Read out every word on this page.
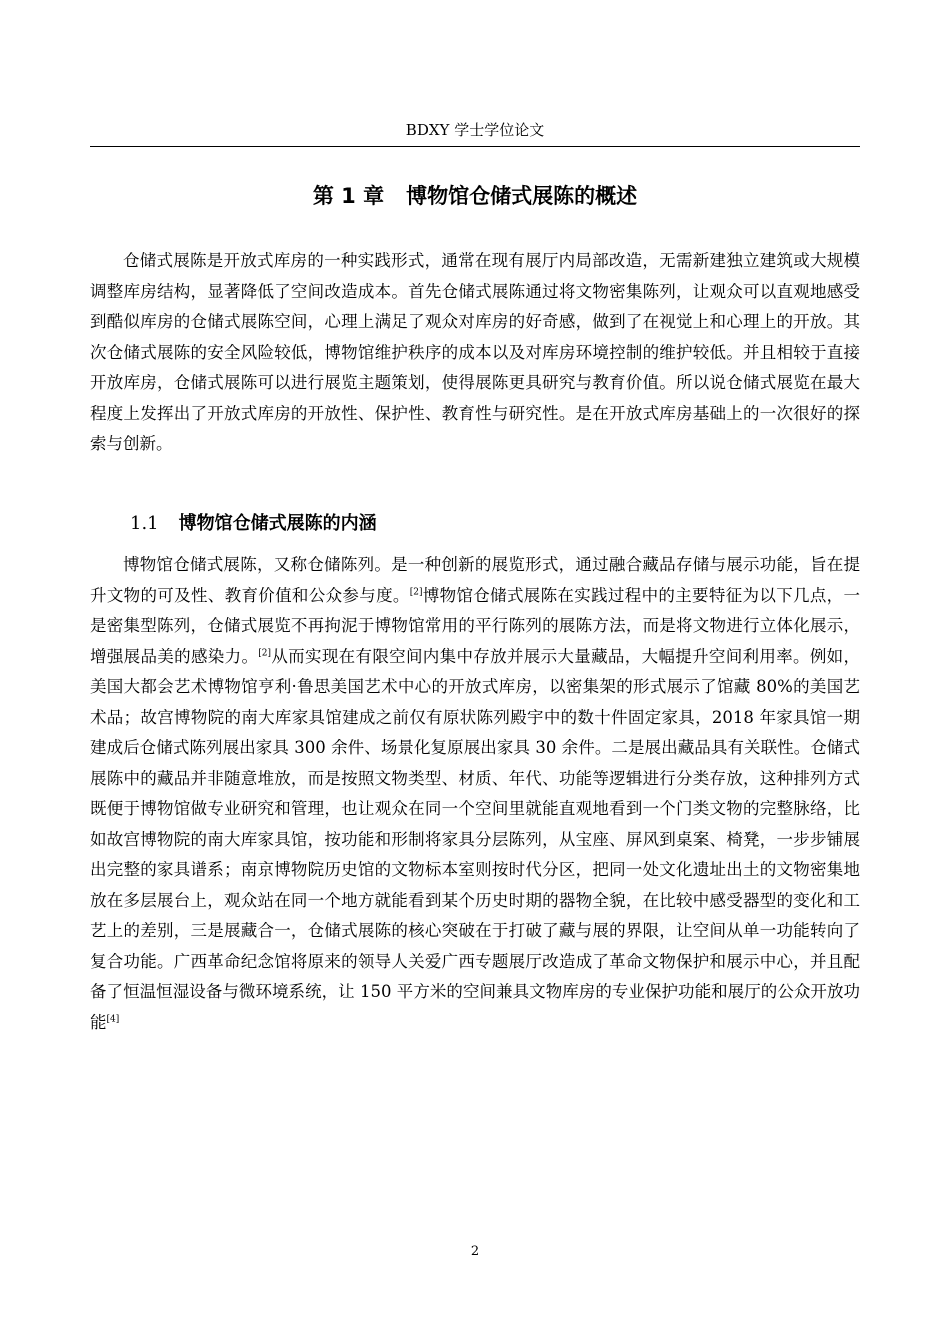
BDXY 学士学位论文
第 1 章 博物馆仓储式展陈的概述

仓储式展陈是开放式库房的一种实践形式，通常在现有展厅内局部改造，无需新建独立建筑或大规模调整库房结构，显著降低了空间改造成本。首先仓储式展陈通过将文物密集陈列，让观众可以直观地感受到酷似库房的仓储式展陈空间，心理上满足了观众对库房的好奇感，做到了在视觉上和心理上的开放。其次仓储式展陈的安全风险较低，博物馆维护秩序的成本以及对库房环境控制的维护较低。并且相较于直接开放库房，仓储式展陈可以进行展览主题策划，使得展陈更具研究与教育价值。所以说仓储式展览在最大程度上发挥出了开放式库房的开放性、保护性、教育性与研究性。是在开放式库房基础上的一次很好的探索与创新。

1.1 博物馆仓储式展陈的内涵

博物馆仓储式展陈，又称仓储陈列。是一种创新的展览形式，通过融合藏品存储与展示功能，旨在提升文物的可及性、教育价值和公众参与度。[2]博物馆仓储式展陈在实践过程中的主要特征为以下几点，一是密集型陈列，仓储式展览不再拘泥于博物馆常用的平行陈列的展陈方法，而是将文物进行立体化展示，增强展品美的感染力。[2]从而实现在有限空间内集中存放并展示大量藏品，大幅提升空间利用率。例如，美国大都会艺术博物馆亨利·鲁思美国艺术中心的开放式库房，以密集架的形式展示了馆藏 80%的美国艺术品；故宫博物院的南大库家具馆建成之前仅有原状陈列殿宇中的数十件固定家具，2018 年家具馆一期建成后仓储式陈列展出家具 300 余件、场景化复原展出家具 30 余件。二是展出藏品具有关联性。仓储式展陈中的藏品并非随意堆放，而是按照文物类型、材质、年代、功能等逻辑进行分类存放，这种排列方式既便于博物馆做专业研究和管理，也让观众在同一个空间里就能直观地看到一个门类文物的完整脉络，比如故宫博物院的南大库家具馆，按功能和形制将家具分层陈列，从宝座、屏风到桌案、椅凳，一步步铺展出完整的家具谱系；南京博物院历史馆的文物标本室则按时代分区，把同一处文化遗址出土的文物密集地放在多层展台上，观众站在同一个地方就能看到某个历史时期的器物全貌，在比较中感受器型的变化和工艺上的差别，三是展藏合一，仓储式展陈的核心突破在于打破了藏与展的界限，让空间从单一功能转向了复合功能。广西革命纪念馆将原来的领导人关爱广西专题展厅改造成了革命文物保护和展示中心，并且配备了恒温恒湿设备与微环境系统，让 150 平方米的空间兼具文物库房的专业保护功能和展厅的公众开放功能[4]

2
